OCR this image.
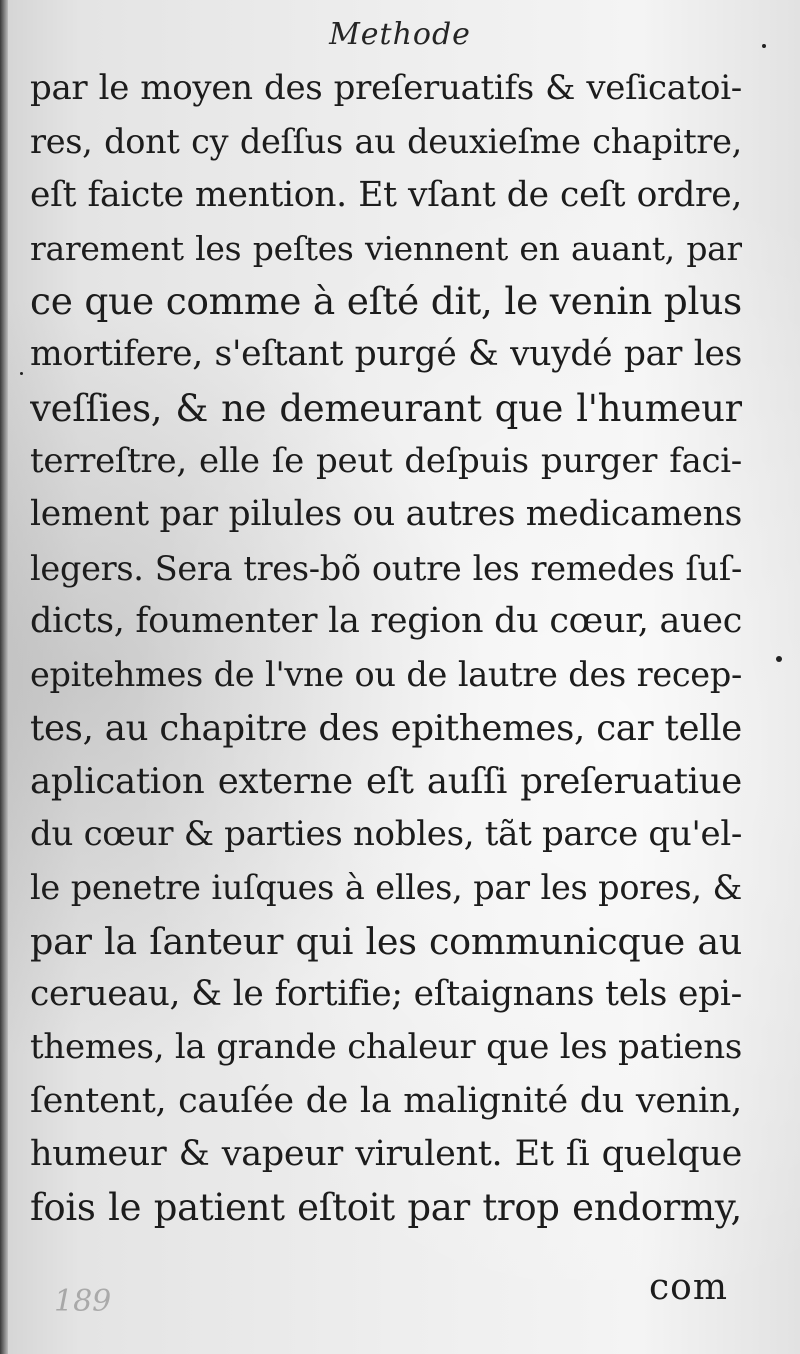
Methode
par le moyen des preſeruatifs & veſicatoi-
res, dont cy deſſus au deuxieſme chapitre,
eſt faicte mention. Et vſant de ceſt ordre,
rarement les peſtes viennent en auant, par
ce que comme à eſté dit, le venin plus
mortifere, s'eſtant purgé & vuydé par les
veſſies, & ne demeurant que l'humeur
terreſtre, elle ſe peut deſpuis purger faci-
lement par pilules ou autres medicamens
legers. Sera tres-bõ outre les remedes ſuſ-
dicts, foumenter la region du cœur, auec
epitehmes de l'vne ou de lautre des recep-
tes, au chapitre des epithemes, car telle
aplication externe eſt auſſi preſeruatiue
du cœur & parties nobles, tãt parce qu'el-
le penetre iuſques à elles, par les pores, &
par la ſanteur qui les communicque au
cerueau, & le fortifie; eſtaignans tels epi-
themes, la grande chaleur que les patiens
ſentent, cauſée de la malignité du venin,
humeur & vapeur virulent. Et ſi quelque
fois le patient eſtoit par trop endormy,
com
189
